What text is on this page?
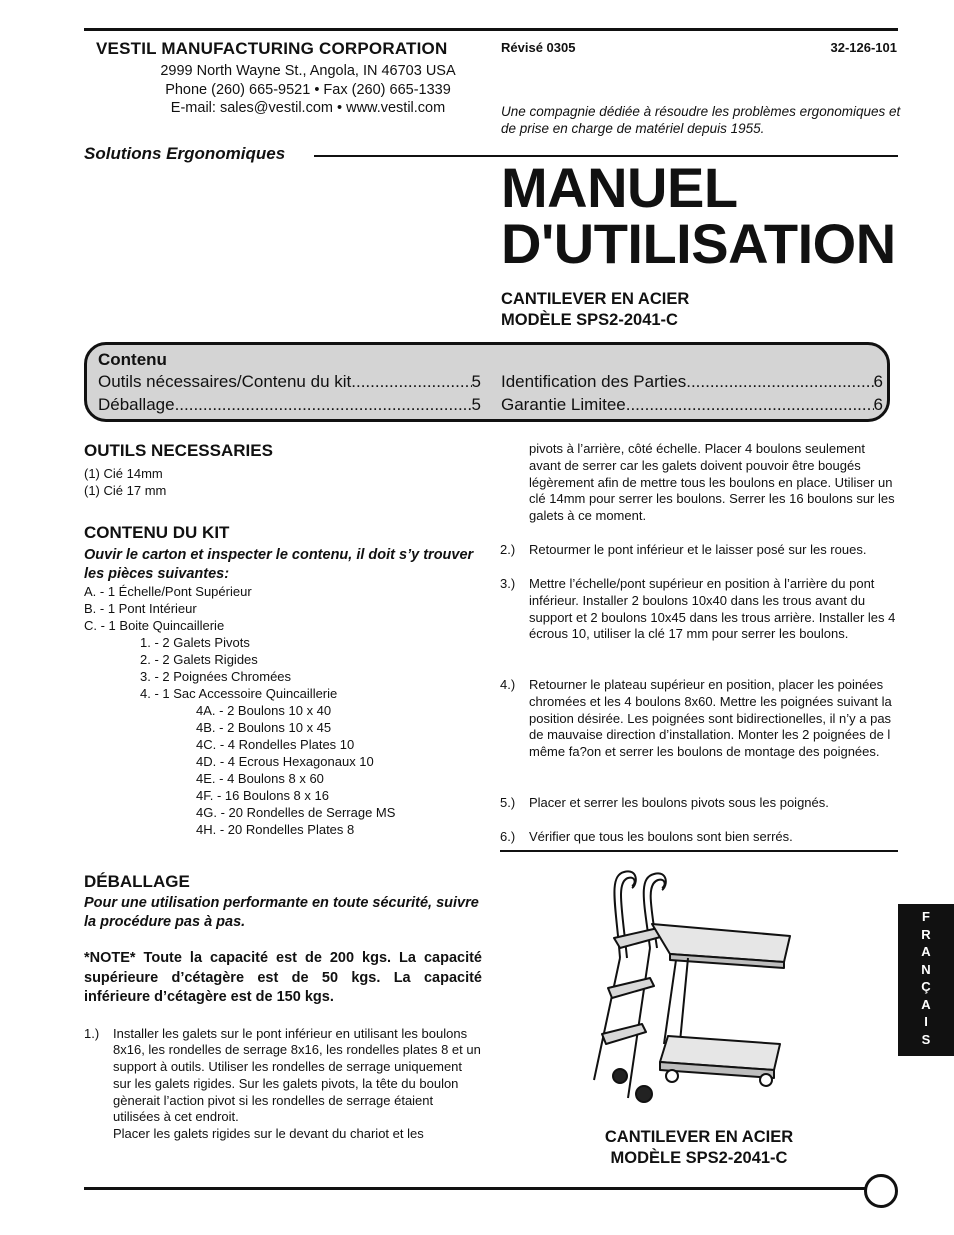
VESTIL MANUFACTURING CORPORATION
2999 North Wayne St., Angola, IN 46703 USA
Phone (260) 665-9521 • Fax (260) 665-1339
E-mail: sales@vestil.com • www.vestil.com
Révisé 0305	32-126-101
Une compagnie dédiée à résoudre les problèmes ergonomiques et de prise en charge de matériel depuis 1955.
Solutions Ergonomiques
MANUEL
D'UTILISATION
CANTILEVER EN ACIER
MODÈLE SPS2-2041-C
Contenu
Outils nécessaires/Contenu du kit .....	5
Déballage .....	5
Identification des Parties .....	6
Garantie Limitee .....	6
OUTILS NECESSARIES
(1) Cié 14mm
(1) Cié 17 mm
CONTENU DU KIT
Ouvir le carton et inspecter le contenu, il doit s’y trouver les pièces suivantes:
A. - 1 Échelle/Pont Supérieur
B. - 1 Pont Intérieur
C. - 1 Boite Quincaillerie
1. - 2 Galets Pivots
2. - 2 Galets Rigides
3. - 2 Poignées Chromées
4. - 1 Sac Accessoire Quincaillerie
4A. - 2 Boulons 10 x 40
4B. - 2 Boulons 10 x 45
4C. - 4 Rondelles Plates 10
4D. - 4 Ecrous Hexagonaux 10
4E. - 4 Boulons 8 x 60
4F. - 16 Boulons 8 x 16
4G. - 20 Rondelles de Serrage MS
4H. - 20 Rondelles Plates 8
DÉBALLAGE
Pour une utilisation performante en toute sécurité, suivre la procédure pas à pas.
*NOTE* Toute la capacité est de 200 kgs. La capacité supérieure d’cétagère est de 50 kgs. La capacité inférieure d’cétagère est de 150 kgs.
1.)	Installer les galets sur le pont inférieur en utilisant les boulons 8x16, les rondelles de serrage 8x16, les rondelles plates 8 et un support à outils. Utiliser les rondelles de serrage uniquement sur les galets rigides. Sur les galets pivots, la tête du boulon gènerait l’action pivot si les rondelles de serrage étaient utilisées à cet endroit.
Placer les galets rigides sur le devant du chariot et les
pivots à l’arrière, côté échelle. Placer 4 boulons seulement avant de serrer car les galets doivent pouvoir être bougés légèrement afin de mettre tous les boulons en place. Utiliser un clé 14mm pour serrer les boulons. Serrer les 16 boulons sur les galets à ce moment.
2.)	Retourmer le pont inférieur et le laisser posé sur les roues.
3.)	Mettre l’échelle/pont supérieur en position à l’arrière du pont inférieur. Installer 2 boulons 10x40 dans les trous avant du support et 2 boulons 10x45 dans les trous arrière. Installer les 4 écrous 10, utiliser la clé 17 mm pour serrer les boulons.
4.)	Retourner le plateau supérieur en position, placer les poinées chromées et les 4 boulons 8x60. Mettre les poignées suivant la position désirée. Les poignées sont bidirectionelles, il n’y a pas de mauvaise direction d’installation. Monter les 2 poignées de l même fa?on et serrer les boulons de montage des poignées.
5.)	Placer et serrer les boulons pivots sous les poignés.
6.)	Vérifier que tous les boulons sont bien serrés.
CANTILEVER EN ACIER
MODÈLE SPS2-2041-C
F
R
A
N
Ç
A
I
S
